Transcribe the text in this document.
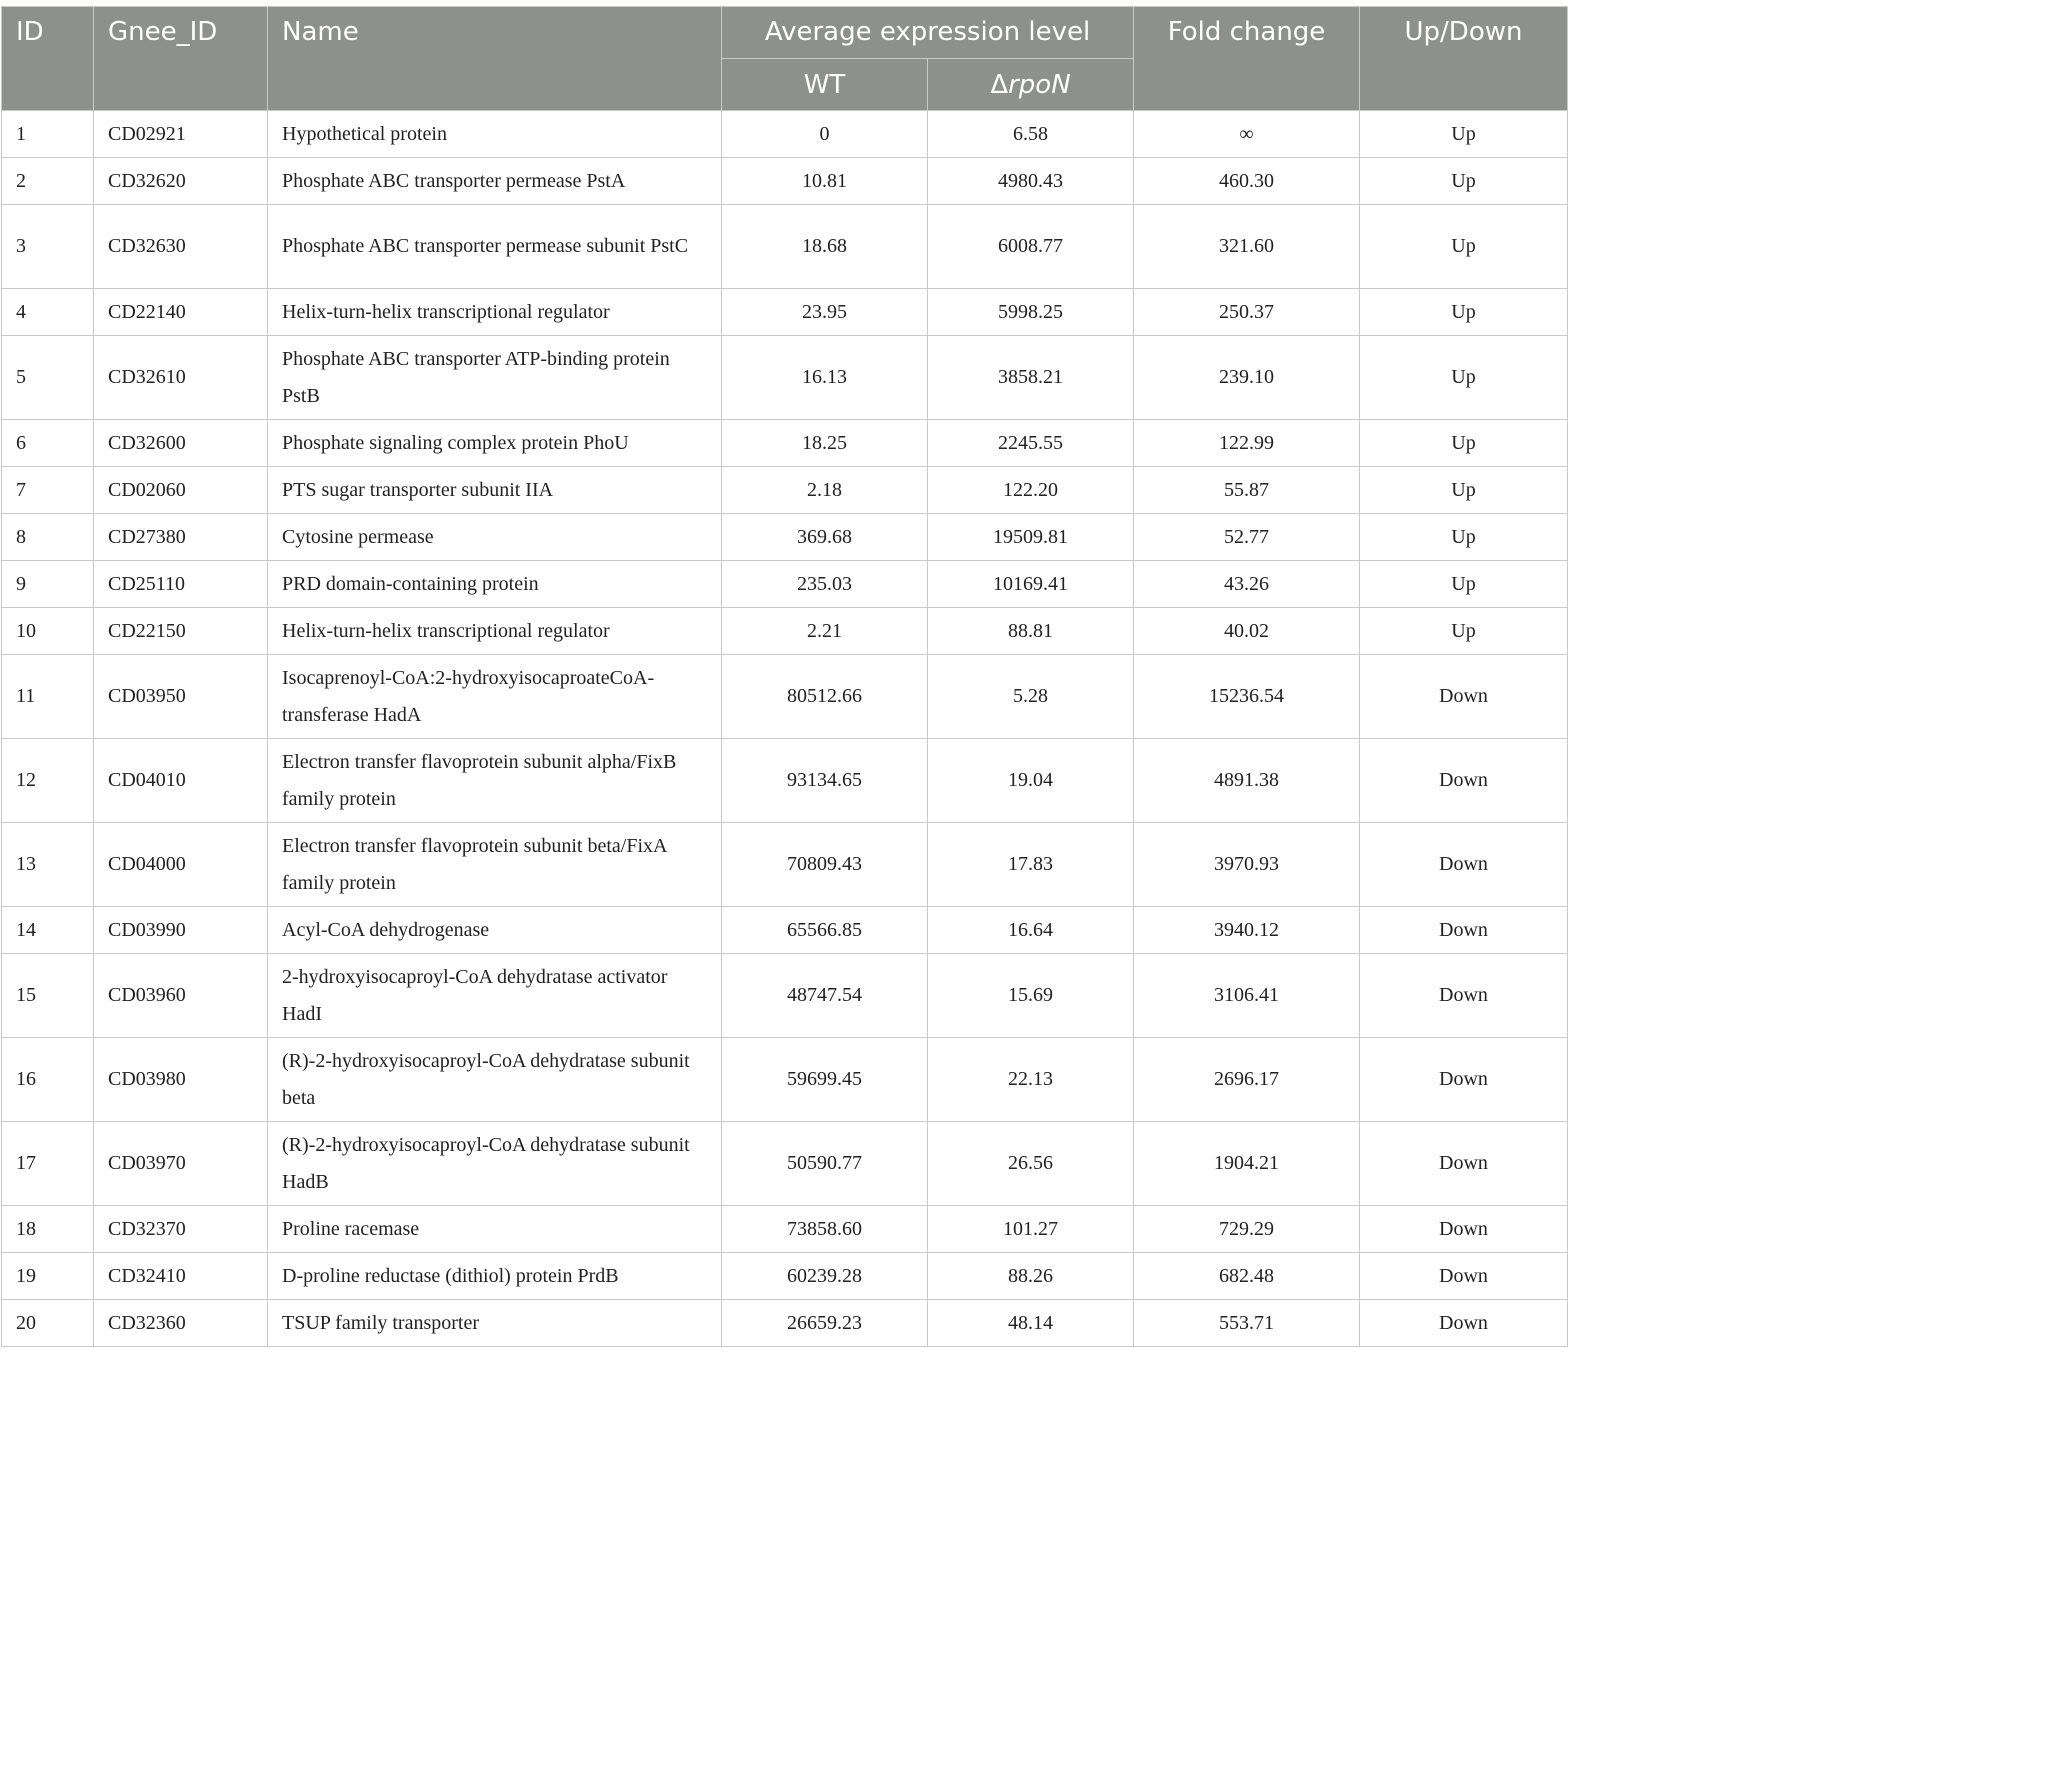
ID	Gnee_ID	Name	Average expression level		Fold change	Up/Down
			WT	ΔrpoN		
1	CD02921	Hypothetical protein	0	6.58	∞	Up
2	CD32620	Phosphate ABC transporter permease PstA	10.81	4980.43	460.30	Up
3	CD32630	Phosphate ABC transporter permease subunit PstC	18.68	6008.77	321.60	Up
4	CD22140	Helix-turn-helix transcriptional regulator	23.95	5998.25	250.37	Up
5	CD32610	Phosphate ABC transporter ATP-binding protein PstB	16.13	3858.21	239.10	Up
6	CD32600	Phosphate signaling complex protein PhoU	18.25	2245.55	122.99	Up
7	CD02060	PTS sugar transporter subunit IIA	2.18	122.20	55.87	Up
8	CD27380	Cytosine permease	369.68	19509.81	52.77	Up
9	CD25110	PRD domain-containing protein	235.03	10169.41	43.26	Up
10	CD22150	Helix-turn-helix transcriptional regulator	2.21	88.81	40.02	Up
11	CD03950	Isocaprenoyl-CoA:2-hydroxyisocaproateCoA-transferase HadA	80512.66	5.28	15236.54	Down
12	CD04010	Electron transfer flavoprotein subunit alpha/FixB family protein	93134.65	19.04	4891.38	Down
13	CD04000	Electron transfer flavoprotein subunit beta/FixA family protein	70809.43	17.83	3970.93	Down
14	CD03990	Acyl-CoA dehydrogenase	65566.85	16.64	3940.12	Down
15	CD03960	2-hydroxyisocaproyl-CoA dehydratase activator HadI	48747.54	15.69	3106.41	Down
16	CD03980	(R)-2-hydroxyisocaproyl-CoA dehydratase subunit beta	59699.45	22.13	2696.17	Down
17	CD03970	(R)-2-hydroxyisocaproyl-CoA dehydratase subunit HadB	50590.77	26.56	1904.21	Down
18	CD32370	Proline racemase	73858.60	101.27	729.29	Down
19	CD32410	D-proline reductase (dithiol) protein PrdB	60239.28	88.26	682.48	Down
20	CD32360	TSUP family transporter	26659.23	48.14	553.71	Down
